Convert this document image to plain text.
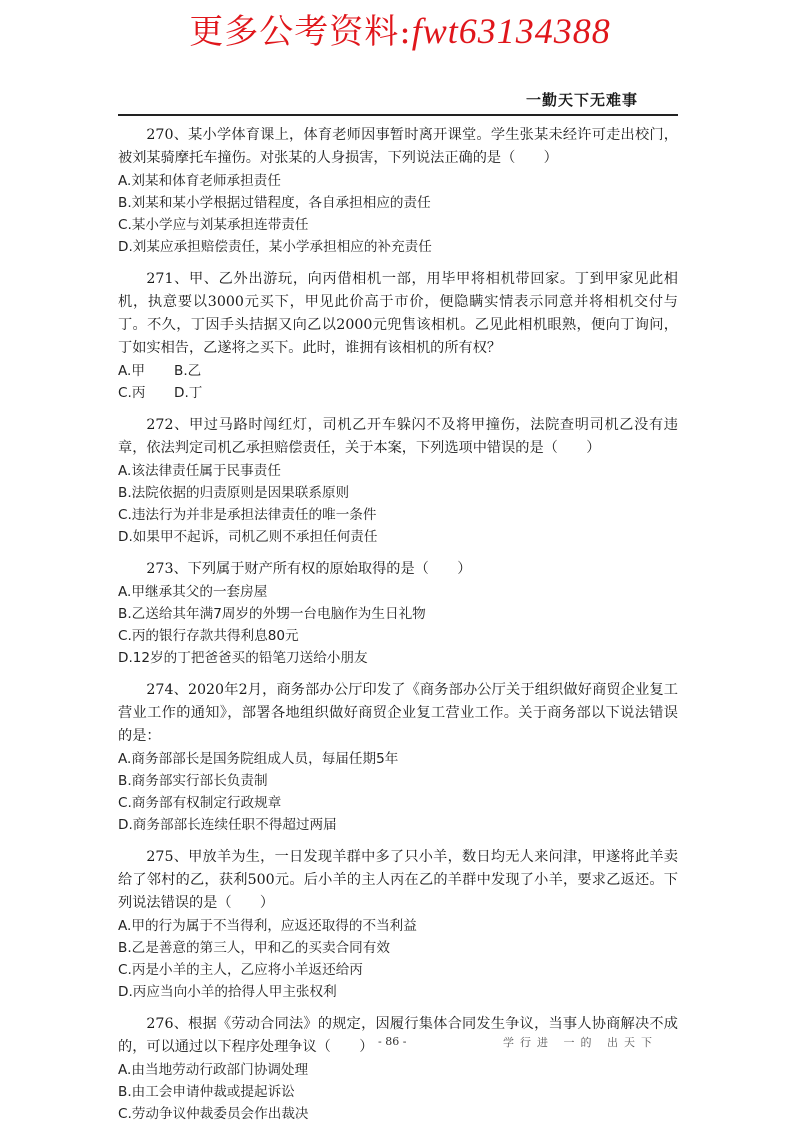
更多公考资料:fwt63134388
一勤天下无难事

270、某小学体育课上，体育老师因事暂时离开课堂。学生张某未经许可走出校门，被刘某骑摩托车撞伤。对张某的人身损害，下列说法正确的是（　　）

A.刘某和体育老师承担责任

B.刘某和某小学根据过错程度，各自承担相应的责任

C.某小学应与刘某承担连带责任

D.刘某应承担赔偿责任，某小学承担相应的补充责任

271、甲、乙外出游玩，向丙借相机一部，用毕甲将相机带回家。丁到甲家见此相机，执意要以3000元买下，甲见此价高于市价，便隐瞒实情表示同意并将相机交付与丁。不久，丁因手头拮据又向乙以2000元兜售该相机。乙见此相机眼熟，便向丁询问，丁如实相告，乙遂将之买下。此时，谁拥有该相机的所有权？

A.甲	B.乙

C.丙	D.丁

272、甲过马路时闯红灯，司机乙开车躲闪不及将甲撞伤，法院查明司机乙没有违章，依法判定司机乙承担赔偿责任，关于本案，下列选项中错误的是（　　）

A.该法律责任属于民事责任

B.法院依据的归责原则是因果联系原则

C.违法行为并非是承担法律责任的唯一条件

D.如果甲不起诉，司机乙则不承担任何责任

273、下列属于财产所有权的原始取得的是（　　）

A.甲继承其父的一套房屋

B.乙送给其年满7周岁的外甥一台电脑作为生日礼物

C.丙的银行存款共得利息80元

D.12岁的丁把爸爸买的铅笔刀送给小朋友

274、2020年2月，商务部办公厅印发了《商务部办公厅关于组织做好商贸企业复工营业工作的通知》，部署各地组织做好商贸企业复工营业工作。关于商务部以下说法错误的是：

A.商务部部长是国务院组成人员，每届任期5年

B.商务部实行部长负责制

C.商务部有权制定行政规章

D.商务部部长连续任职不得超过两届

275、甲放羊为生，一日发现羊群中多了只小羊，数日均无人来问津，甲遂将此羊卖给了邻村的乙，获利500元。后小羊的主人丙在乙的羊群中发现了小羊，要求乙返还。下列说法错误的是（　　）

A.甲的行为属于不当得利，应返还取得的不当利益

B.乙是善意的第三人，甲和乙的买卖合同有效

C.丙是小羊的主人，乙应将小羊返还给丙

D.丙应当向小羊的拾得人甲主张权利

276、根据《劳动合同法》的规定，因履行集体合同发生争议，当事人协商解决不成的，可以通过以下程序处理争议（　　）

A.由当地劳动行政部门协调处理

B.由工会申请仲裁或提起诉讼

C.劳动争议仲裁委员会作出裁决

- 86 -	学行进 一的 出天下
